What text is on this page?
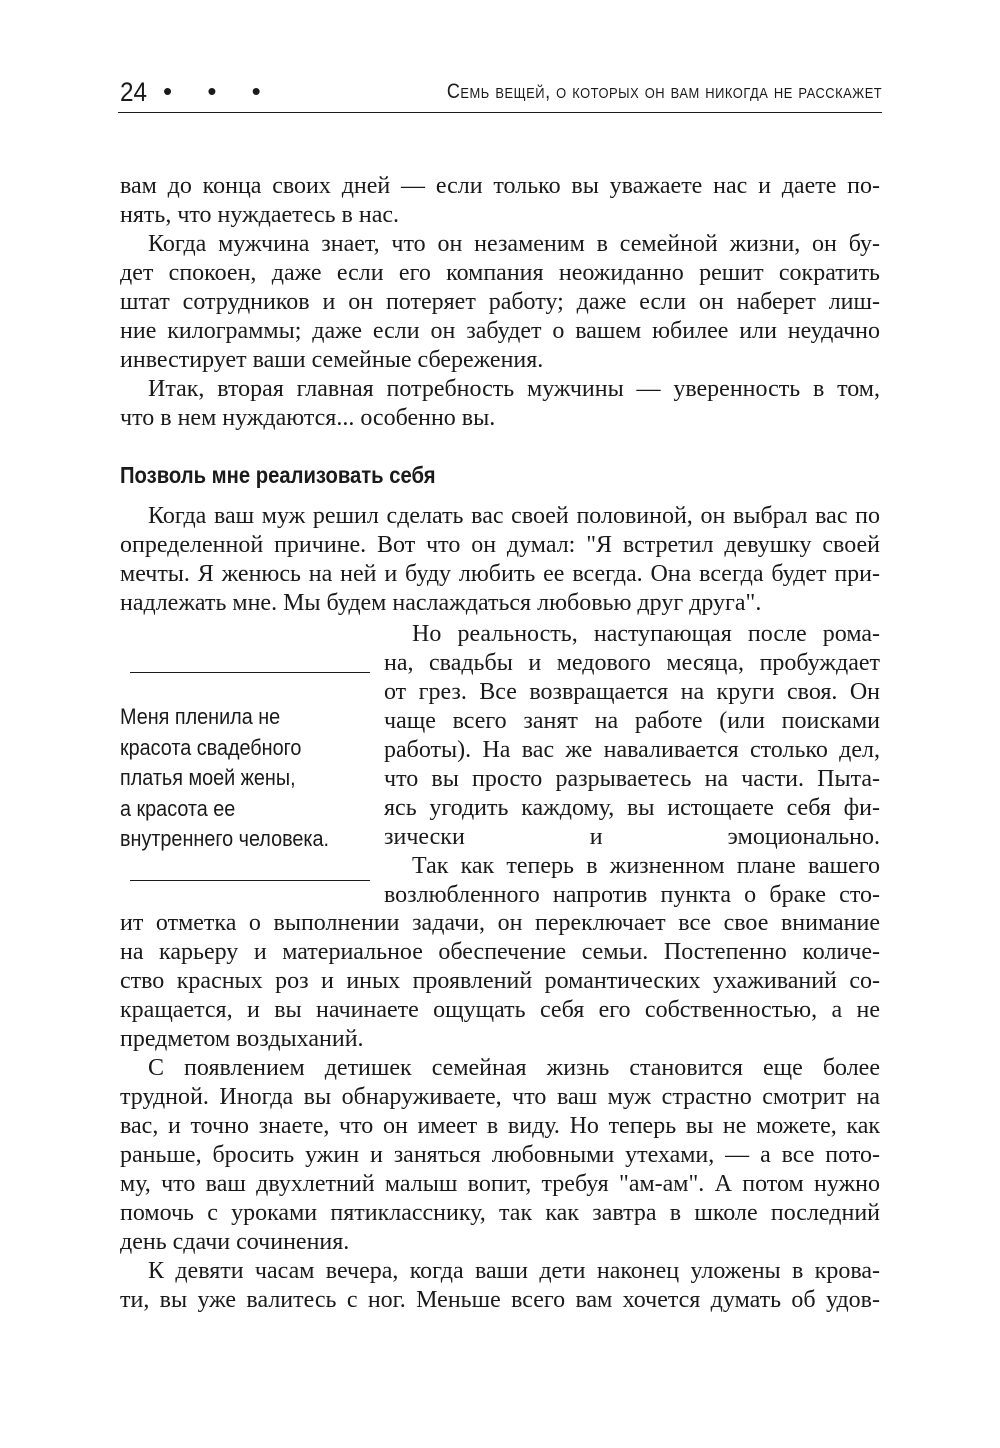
24 • • •	Семь вещей, о которых он вам никогда не расскажет
вам до конца своих дней — если только вы уважаете нас и даете по-
нять, что нуждаетесь в нас.
Когда мужчина знает, что он незаменим в семейной жизни, он бу-
дет спокоен, даже если его компания неожиданно решит сократить
штат сотрудников и он потеряет работу; даже если он наберет лиш-
ние килограммы; даже если он забудет о вашем юбилее или неудачно
инвестирует ваши семейные сбережения.
Итак, вторая главная потребность мужчины — уверенность в том,
что в нем нуждаются... особенно вы.
Позволь мне реализовать себя
Когда ваш муж решил сделать вас своей половиной, он выбрал вас по
определенной причине. Вот что он думал: "Я встретил девушку своей
мечты. Я женюсь на ней и буду любить ее всегда. Она всегда будет при-
надлежать мне. Мы будем наслаждаться любовью друг друга".
Меня пленила не
красота свадебного
платья моей жены,
а красота ее
внутреннего человека.
Но реальность, наступающая после рома-
на, свадьбы и медового месяца, пробуждает
от грез. Все возвращается на круги своя. Он
чаще всего занят на работе (или поисками
работы). На вас же наваливается столько дел,
что вы просто разрываетесь на части. Пыта-
ясь угодить каждому, вы истощаете себя фи-
зически и эмоционально.
Так как теперь в жизненном плане вашего
возлюбленного напротив пункта о браке сто-
ит отметка о выполнении задачи, он переключает все свое внимание
на карьеру и материальное обеспечение семьи. Постепенно количе-
ство красных роз и иных проявлений романтических ухаживаний со-
кращается, и вы начинаете ощущать себя его собственностью, а не
предметом воздыханий.
С появлением детишек семейная жизнь становится еще более
трудной. Иногда вы обнаруживаете, что ваш муж страстно смотрит на
вас, и точно знаете, что он имеет в виду. Но теперь вы не можете, как
раньше, бросить ужин и заняться любовными утехами, — а все пото-
му, что ваш двухлетний малыш вопит, требуя "ам-ам". А потом нужно
помочь с уроками пятикласснику, так как завтра в школе последний
день сдачи сочинения.
К девяти часам вечера, когда ваши дети наконец уложены в крова-
ти, вы уже валитесь с ног. Меньше всего вам хочется думать об удов-
